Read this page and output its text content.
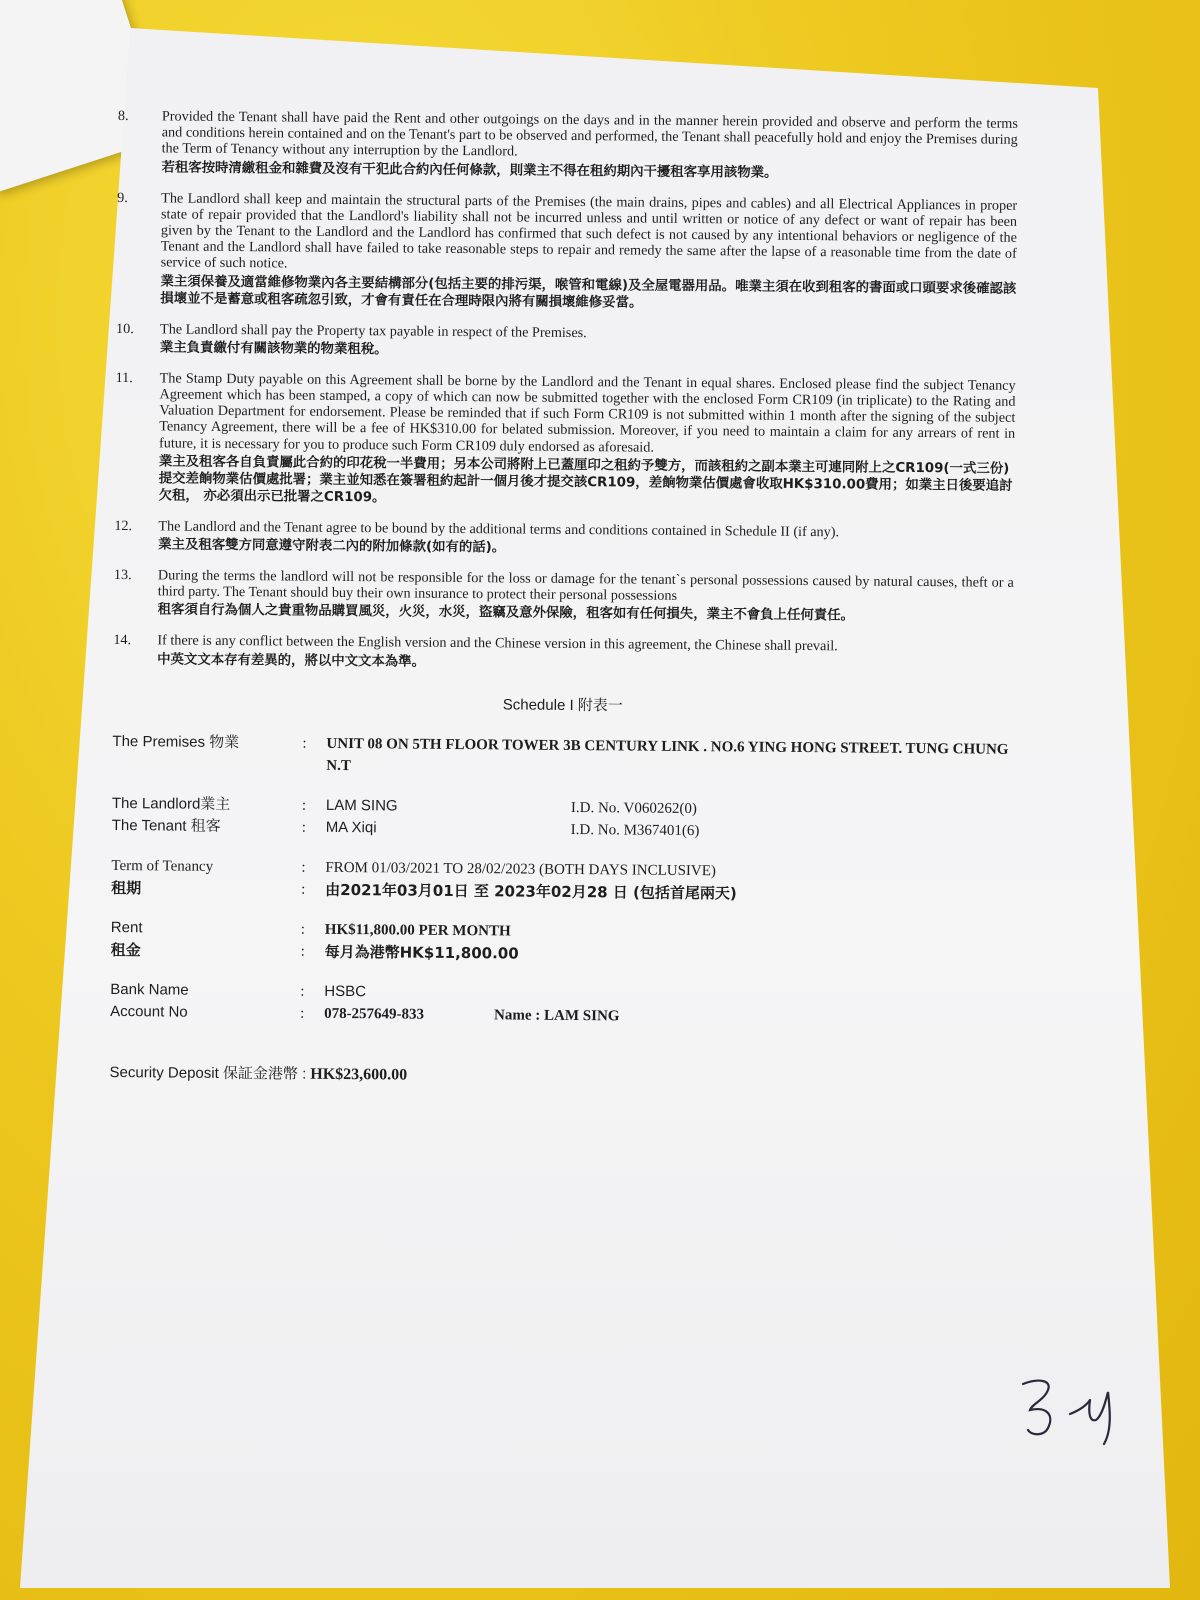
8.	Provided the Tenant shall have paid the Rent and other outgoings on the days and in the manner herein provided and observe and perform the terms and conditions herein contained and on the Tenant's part to be observed and performed, the Tenant shall peacefully hold and enjoy the Premises during the Term of Tenancy without any interruption by the Landlord.
若租客按時清繳租金和雜費及沒有干犯此合約內任何條款，則業主不得在租約期內干擾租客享用該物業。
9.	The Landlord shall keep and maintain the structural parts of the Premises (the main drains, pipes and cables) and all Electrical Appliances in proper state of repair provided that the Landlord's liability shall not be incurred unless and until written or notice of any defect or want of repair has been given by the Tenant to the Landlord and the Landlord has confirmed that such defect is not caused by any intentional behaviors or negligence of the Tenant and the Landlord shall have failed to take reasonable steps to repair and remedy the same after the lapse of a reasonable time from the date of service of such notice.
業主須保養及適當維修物業內各主要結構部分(包括主要的排污渠，喉管和電線)及全屋電器用品。唯業主須在收到租客的書面或口頭要求後確認該損壞並不是蓄意或租客疏忽引致，才會有責任在合理時限內將有關損壞維修妥當。
10.	The Landlord shall pay the Property tax payable in respect of the Premises.
業主負責繳付有關該物業的物業租稅。
11.	The Stamp Duty payable on this Agreement shall be borne by the Landlord and the Tenant in equal shares. Enclosed please find the subject Tenancy Agreement which has been stamped, a copy of which can now be submitted together with the enclosed Form CR109 (in triplicate) to the Rating and Valuation Department for endorsement. Please be reminded that if such Form CR109 is not submitted within 1 month after the signing of the subject Tenancy Agreement, there will be a fee of HK$310.00 for belated submission. Moreover, if you need to maintain a claim for any arrears of rent in future, it is necessary for you to produce such Form CR109 duly endorsed as aforesaid.
業主及租客各自負責屬此合約的印花稅一半費用；另本公司將附上已蓋厘印之租約予雙方，而該租約之副本業主可連同附上之CR109(一式三份)提交差餉物業估價處批署；業主並知悉在簽署租約起計一個月後才提交該CR109，差餉物業估價處會收取HK$310.00費用；如業主日後要追討欠租， 亦必須出示已批署之CR109。
12.	The Landlord and the Tenant agree to be bound by the additional terms and conditions contained in Schedule II (if any).
業主及租客雙方同意遵守附表二內的附加條款(如有的話)。
13.	During the terms the landlord will not be responsible for the loss or damage for the tenant`s personal possessions caused by natural causes, theft or a third party. The Tenant should buy their own insurance to protect their personal possessions
租客須自行為個人之貴重物品購買風災，火災，水災，盜竊及意外保險，租客如有任何損失，業主不會負上任何責任。
14.	If there is any conflict between the English version and the Chinese version in this agreement, the Chinese shall prevail.
中英文文本存有差異的，將以中文文本為準。
Schedule I 附表一
The Premises 物業	:	UNIT 08 ON 5TH FLOOR TOWER 3B CENTURY LINK . NO.6 YING HONG STREET. TUNG CHUNG N.T
The Landlord業主	:	LAM SING	I.D. No. V060262(0)
The Tenant 租客	:	MA Xiqi	I.D. No. M367401(6)
Term of Tenancy	:	FROM 01/03/2021 TO 28/02/2023 (BOTH DAYS INCLUSIVE)
租期	:	由2021年03月01日 至 2023年02月28 日 (包括首尾兩天)
Rent	:	HK$11,800.00 PER MONTH
租金	:	每月為港幣HK$11,800.00
Bank Name	:	HSBC
Account No	:	078-257649-833	Name : LAM SING
Security Deposit 保証金港幣 : HK$23,600.00
